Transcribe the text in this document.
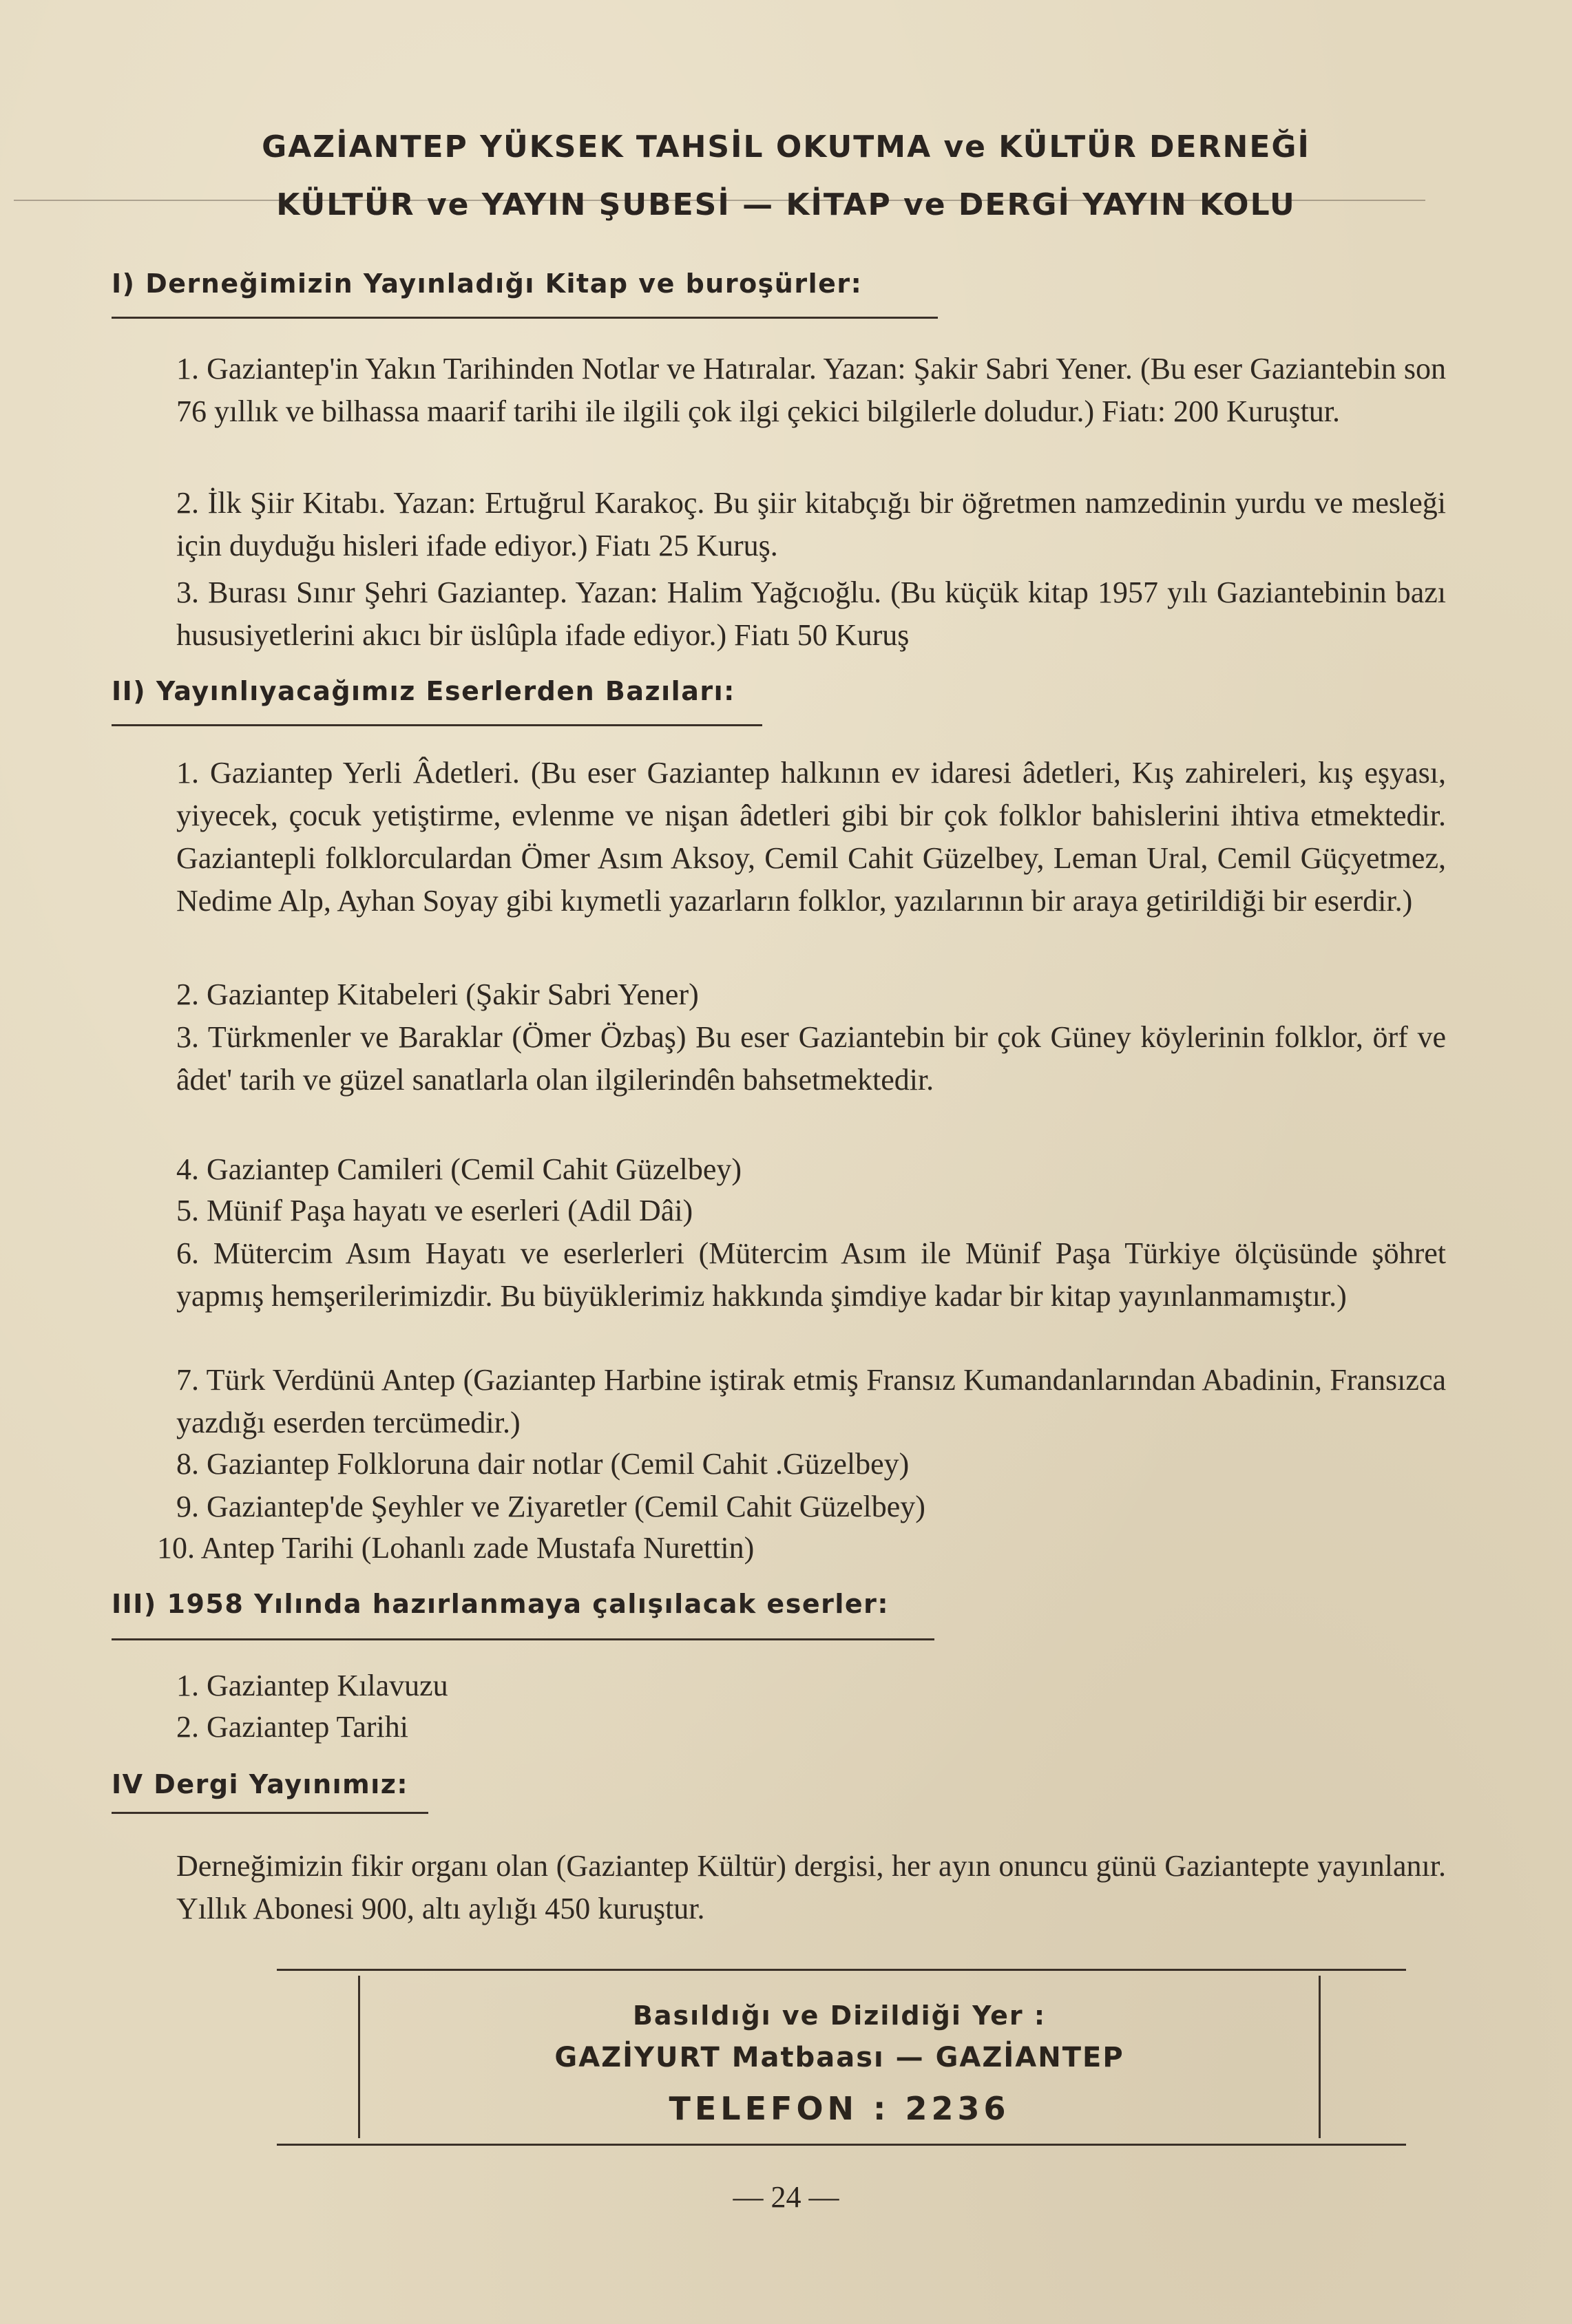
GAZİANTEP YÜKSEK TAHSİL OKUTMA ve KÜLTÜR DERNEĞİ
KÜLTÜR ve YAYIN ŞUBESİ — KİTAP ve DERGİ YAYIN KOLU
I) Derneğimizin Yayınladığı Kitap ve buroşürler:
1. Gaziantep'in Yakın Tarihinden Notlar ve Hatıralar. Yazan: Şakir Sabri Yener. (Bu eser Gaziantebin son 76 yıllık ve bilhassa maarif tarihi ile ilgili çok ilgi çekici bilgilerle doludur.) Fiatı: 200 Kuruştur.
2. İlk Şiir Kitabı. Yazan: Ertuğrul Karakoç. Bu şiir kitabçığı bir öğretmen namzedinin yurdu ve mesleği için duyduğu hisleri ifade ediyor.) Fiatı 25 Kuruş.
3. Burası Sınır Şehri Gaziantep. Yazan: Halim Yağcıoğlu. (Bu küçük kitap 1957 yılı Gaziantebinin bazı hususiyetlerini akıcı bir üslûpla ifade ediyor.) Fiatı 50 Kuruş
II) Yayınlıyacağımız Eserlerden Bazıları:
1. Gaziantep Yerli Âdetleri. (Bu eser Gaziantep halkının ev idaresi âdetleri, Kış zahireleri, kış eşyası, yiyecek, çocuk yetiştirme, evlenme ve nişan âdetleri gibi bir çok folklor bahislerini ihtiva etmektedir. Gaziantepli folklorculardan Ömer Asım Aksoy, Cemil Cahit Güzelbey, Leman Ural, Cemil Güçyetmez, Nedime Alp, Ayhan Soyay gibi kıymetli yazarların folklor, yazılarının bir araya getirildiği bir eserdir.)
2. Gaziantep Kitabeleri (Şakir Sabri Yener)
3. Türkmenler ve Baraklar (Ömer Özbaş) Bu eser Gaziantebin bir çok Güney köylerinin folklor, örf ve âdet' tarih ve güzel sanatlarla olan ilgilerindên bahsetmektedir.
4. Gaziantep Camileri (Cemil Cahit Güzelbey)
5. Münif Paşa hayatı ve eserleri (Adil Dâi)
6. Mütercim Asım Hayatı ve eserlerleri (Mütercim Asım ile Münif Paşa Türkiye ölçüsünde şöhret yapmış hemşerilerimizdir. Bu büyüklerimiz hakkında şimdiye kadar bir kitap yayınlanmamıştır.)
7. Türk Verdünü Antep (Gaziantep Harbine iştirak etmiş Fransız Kumandanlarından Abadinin, Fransızca yazdığı eserden tercümedir.)
8. Gaziantep Folkloruna dair notlar (Cemil Cahit .Güzelbey)
9. Gaziantep'de Şeyhler ve Ziyaretler (Cemil Cahit Güzelbey)
10. Antep Tarihi (Lohanlı zade Mustafa Nurettin)
III) 1958 Yılında hazırlanmaya çalışılacak eserler:
1. Gaziantep Kılavuzu
2. Gaziantep Tarihi
IV Dergi Yayınımız:
Derneğimizin fikir organı olan (Gaziantep Kültür) dergisi, her ayın onuncu günü Gaziantepte yayınlanır. Yıllık Abonesi 900, altı aylığı 450 kuruştur.
Basıldığı ve Dizildiği Yer :
GAZİYURT Matbaası — GAZİANTEP
TELEFON : 2236
— 24 —
